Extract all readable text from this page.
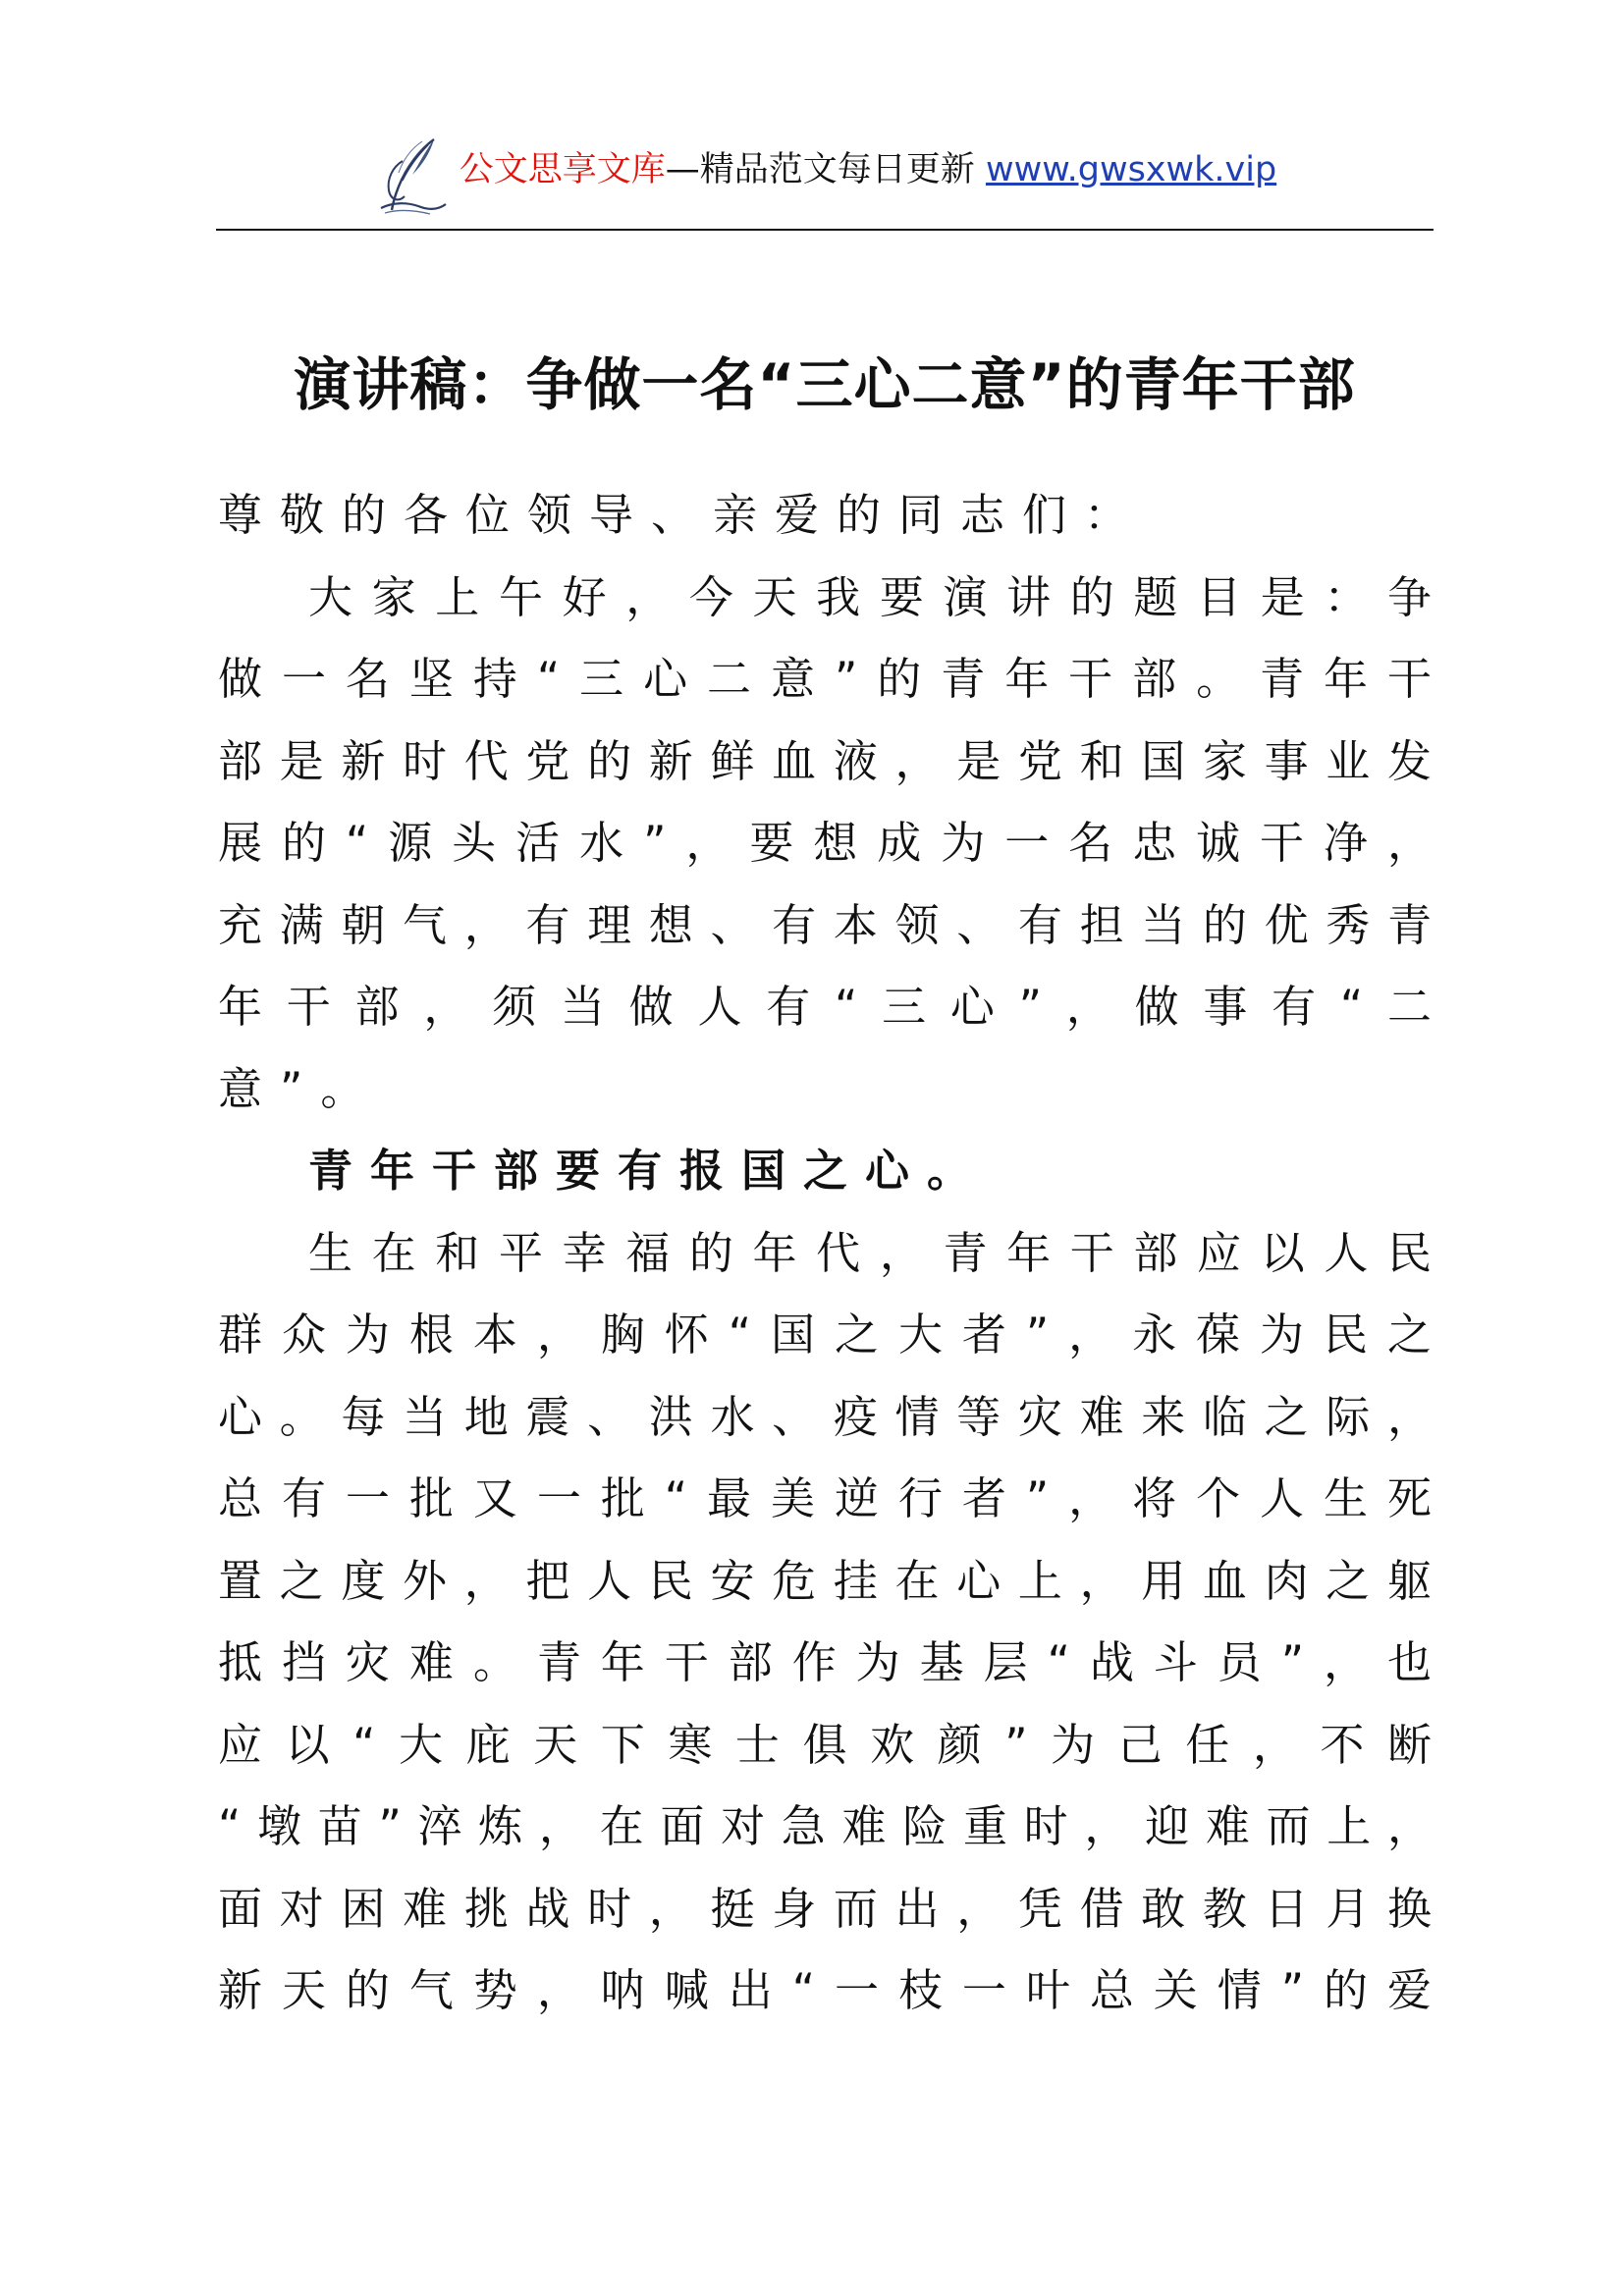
公文思享文库—精品范文每日更新 www.gwsxwk.vip
演讲稿：争做一名“三心二意”的青年干部
尊敬的各位领导、亲爱的同志们：
大家上午好，今天我要演讲的题目是：争
做一名坚持“三心二意”的青年干部。青年干
部是新时代党的新鲜血液，是党和国家事业发
展的“源头活水”，要想成为一名忠诚干净，
充满朝气，有理想、有本领、有担当的优秀青
年干部，须当做人有“三心”，做事有“二
意”。
青年干部要有报国之心。
生在和平幸福的年代，青年干部应以人民
群众为根本，胸怀“国之大者”，永葆为民之
心。每当地震、洪水、疫情等灾难来临之际，
总有一批又一批“最美逆行者”，将个人生死
置之度外，把人民安危挂在心上，用血肉之躯
抵挡灾难。青年干部作为基层“战斗员”，也
应以“大庇天下寒士俱欢颜”为己任，不断
“墩苗”淬炼，在面对急难险重时，迎难而上，
面对困难挑战时，挺身而出，凭借敢教日月换
新天的气势，呐喊出“一枝一叶总关情”的爱
